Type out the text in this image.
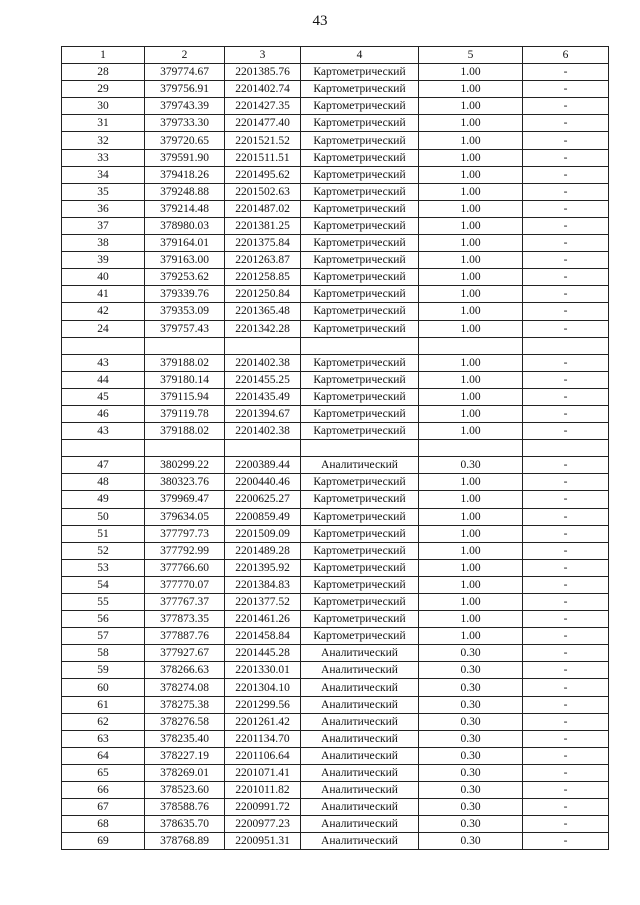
43
1	2	3	4	5	6
28	379774.67	2201385.76	Картометрический	1.00	-
29	379756.91	2201402.74	Картометрический	1.00	-
30	379743.39	2201427.35	Картометрический	1.00	-
31	379733.30	2201477.40	Картометрический	1.00	-
32	379720.65	2201521.52	Картометрический	1.00	-
33	379591.90	2201511.51	Картометрический	1.00	-
34	379418.26	2201495.62	Картометрический	1.00	-
35	379248.88	2201502.63	Картометрический	1.00	-
36	379214.48	2201487.02	Картометрический	1.00	-
37	378980.03	2201381.25	Картометрический	1.00	-
38	379164.01	2201375.84	Картометрический	1.00	-
39	379163.00	2201263.87	Картометрический	1.00	-
40	379253.62	2201258.85	Картометрический	1.00	-
41	379339.76	2201250.84	Картометрический	1.00	-
42	379353.09	2201365.48	Картометрический	1.00	-
24	379757.43	2201342.28	Картометрический	1.00	-

43	379188.02	2201402.38	Картометрический	1.00	-
44	379180.14	2201455.25	Картометрический	1.00	-
45	379115.94	2201435.49	Картометрический	1.00	-
46	379119.78	2201394.67	Картометрический	1.00	-
43	379188.02	2201402.38	Картометрический	1.00	-

47	380299.22	2200389.44	Аналитический	0.30	-
48	380323.76	2200440.46	Картометрический	1.00	-
49	379969.47	2200625.27	Картометрический	1.00	-
50	379634.05	2200859.49	Картометрический	1.00	-
51	377797.73	2201509.09	Картометрический	1.00	-
52	377792.99	2201489.28	Картометрический	1.00	-
53	377766.60	2201395.92	Картометрический	1.00	-
54	377770.07	2201384.83	Картометрический	1.00	-
55	377767.37	2201377.52	Картометрический	1.00	-
56	377873.35	2201461.26	Картометрический	1.00	-
57	377887.76	2201458.84	Картометрический	1.00	-
58	377927.67	2201445.28	Аналитический	0.30	-
59	378266.63	2201330.01	Аналитический	0.30	-
60	378274.08	2201304.10	Аналитический	0.30	-
61	378275.38	2201299.56	Аналитический	0.30	-
62	378276.58	2201261.42	Аналитический	0.30	-
63	378235.40	2201134.70	Аналитический	0.30	-
64	378227.19	2201106.64	Аналитический	0.30	-
65	378269.01	2201071.41	Аналитический	0.30	-
66	378523.60	2201011.82	Аналитический	0.30	-
67	378588.76	2200991.72	Аналитический	0.30	-
68	378635.70	2200977.23	Аналитический	0.30	-
69	378768.89	2200951.31	Аналитический	0.30	-
